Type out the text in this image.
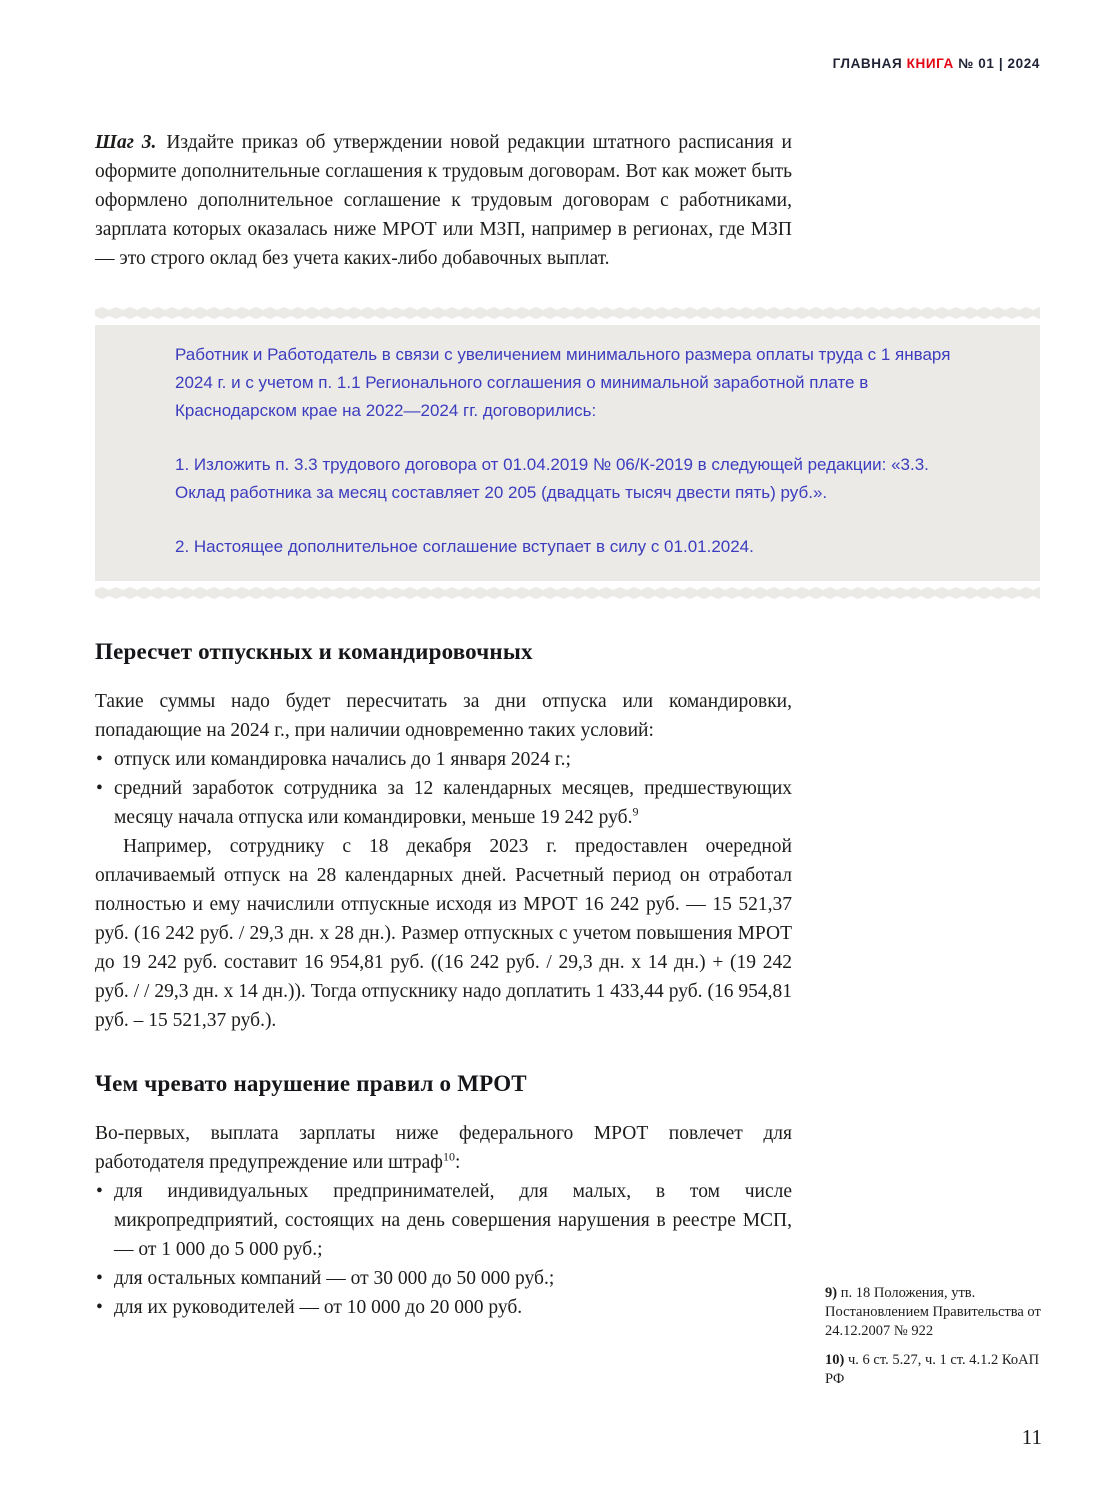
ГЛАВНАЯ КНИГА № 01 | 2024

Шаг 3. Издайте приказ об утверждении новой редакции штатного расписания и оформите дополнительные соглашения к трудовым договорам. Вот как может быть оформлено дополнительное соглашение к трудовым договорам с работниками, зарплата которых оказалась ниже МРОТ или МЗП, например в регионах, где МЗП — это строго оклад без учета каких-либо добавочных выплат.

Работник и Работодатель в связи с увеличением минимального размера оплаты труда с 1 января 2024 г. и с учетом п. 1.1 Регионального соглашения о минимальной заработной плате в Краснодарском крае на 2022—2024 гг. договорились:

1. Изложить п. 3.3 трудового договора от 01.04.2019 № 06/К-2019 в следующей редакции: «3.3. Оклад работника за месяц составляет 20 205 (двадцать тысяч двести пять) руб.».

2. Настоящее дополнительное соглашение вступает в силу с 01.01.2024.

Пересчет отпускных и командировочных

Такие суммы надо будет пересчитать за дни отпуска или командировки, попадающие на 2024 г., при наличии одновременно таких условий:

• отпуск или командировка начались до 1 января 2024 г.;
• средний заработок сотрудника за 12 календарных месяцев, предшествующих месяцу начала отпуска или командировки, меньше 19 242 руб.$^9$

Например, сотруднику с 18 декабря 2023 г. предоставлен очередной оплачиваемый отпуск на 28 календарных дней. Расчетный период он отработал полностью и ему начислили отпускные исходя из МРОТ 16 242 руб. — 15 521,37 руб. (16 242 руб. / 29,3 дн. x 28 дн.). Размер отпускных с учетом повышения МРОТ до 19 242 руб. составит 16 954,81 руб. ((16 242 руб. / 29,3 дн. x 14 дн.) + (19 242 руб. / / 29,3 дн. x 14 дн.)). Тогда отпускнику надо доплатить 1 433,44 руб. (16 954,81 руб. – 15 521,37 руб.).

Чем чревато нарушение правил о МРОТ

Во-первых, выплата зарплаты ниже федерального МРОТ повлечет для работодателя предупреждение или штраф$^{10}$:

• для индивидуальных предпринимателей, для малых, в том числе микропредприятий, состоящих на день совершения нарушения в реестре МСП, — от 1 000 до 5 000 руб.;
• для остальных компаний — от 30 000 до 50 000 руб.;
• для их руководителей — от 10 000 до 20 000 руб.
9) п. 18 Положения, утв. Постановлением Правительства от 24.12.2007 № 922
10) ч. 6 ст. 5.27, ч. 1 ст. 4.1.2 КоАП РФ
11
